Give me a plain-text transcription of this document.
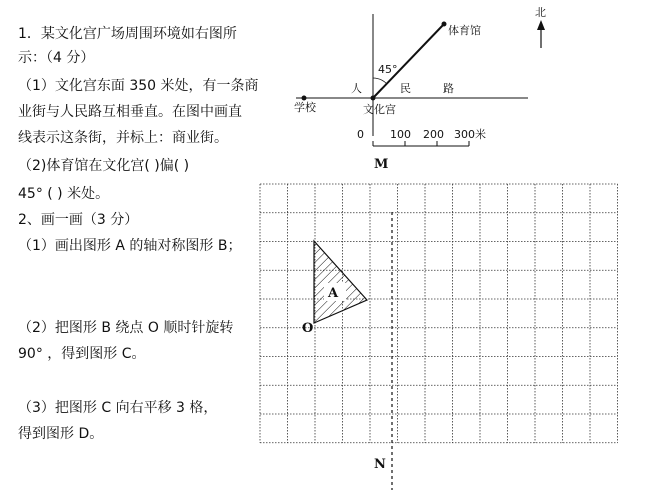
1．某文化宫广场周围环境如右图所
示：（4 分）
（1）文化宫东面 350 米处，有一条商
业街与人民路互相垂直。在图中画直
线表示这条街，并标上：商业街。
（2)体育馆在文化宫( )偏( )
45° ( ) 米处。
2、画一画（3 分）
（1）画出图形 A 的轴对称图形 B；
（2）把图形 B 绕点 O 顺时针旋转
90° ，得到图形 C。
（3）把图形 C 向右平移 3 格，
得到图形 D。
北
体育馆
45°
人	民	路
学校	文化宫
0 100 200 300米
M
N
A
O
